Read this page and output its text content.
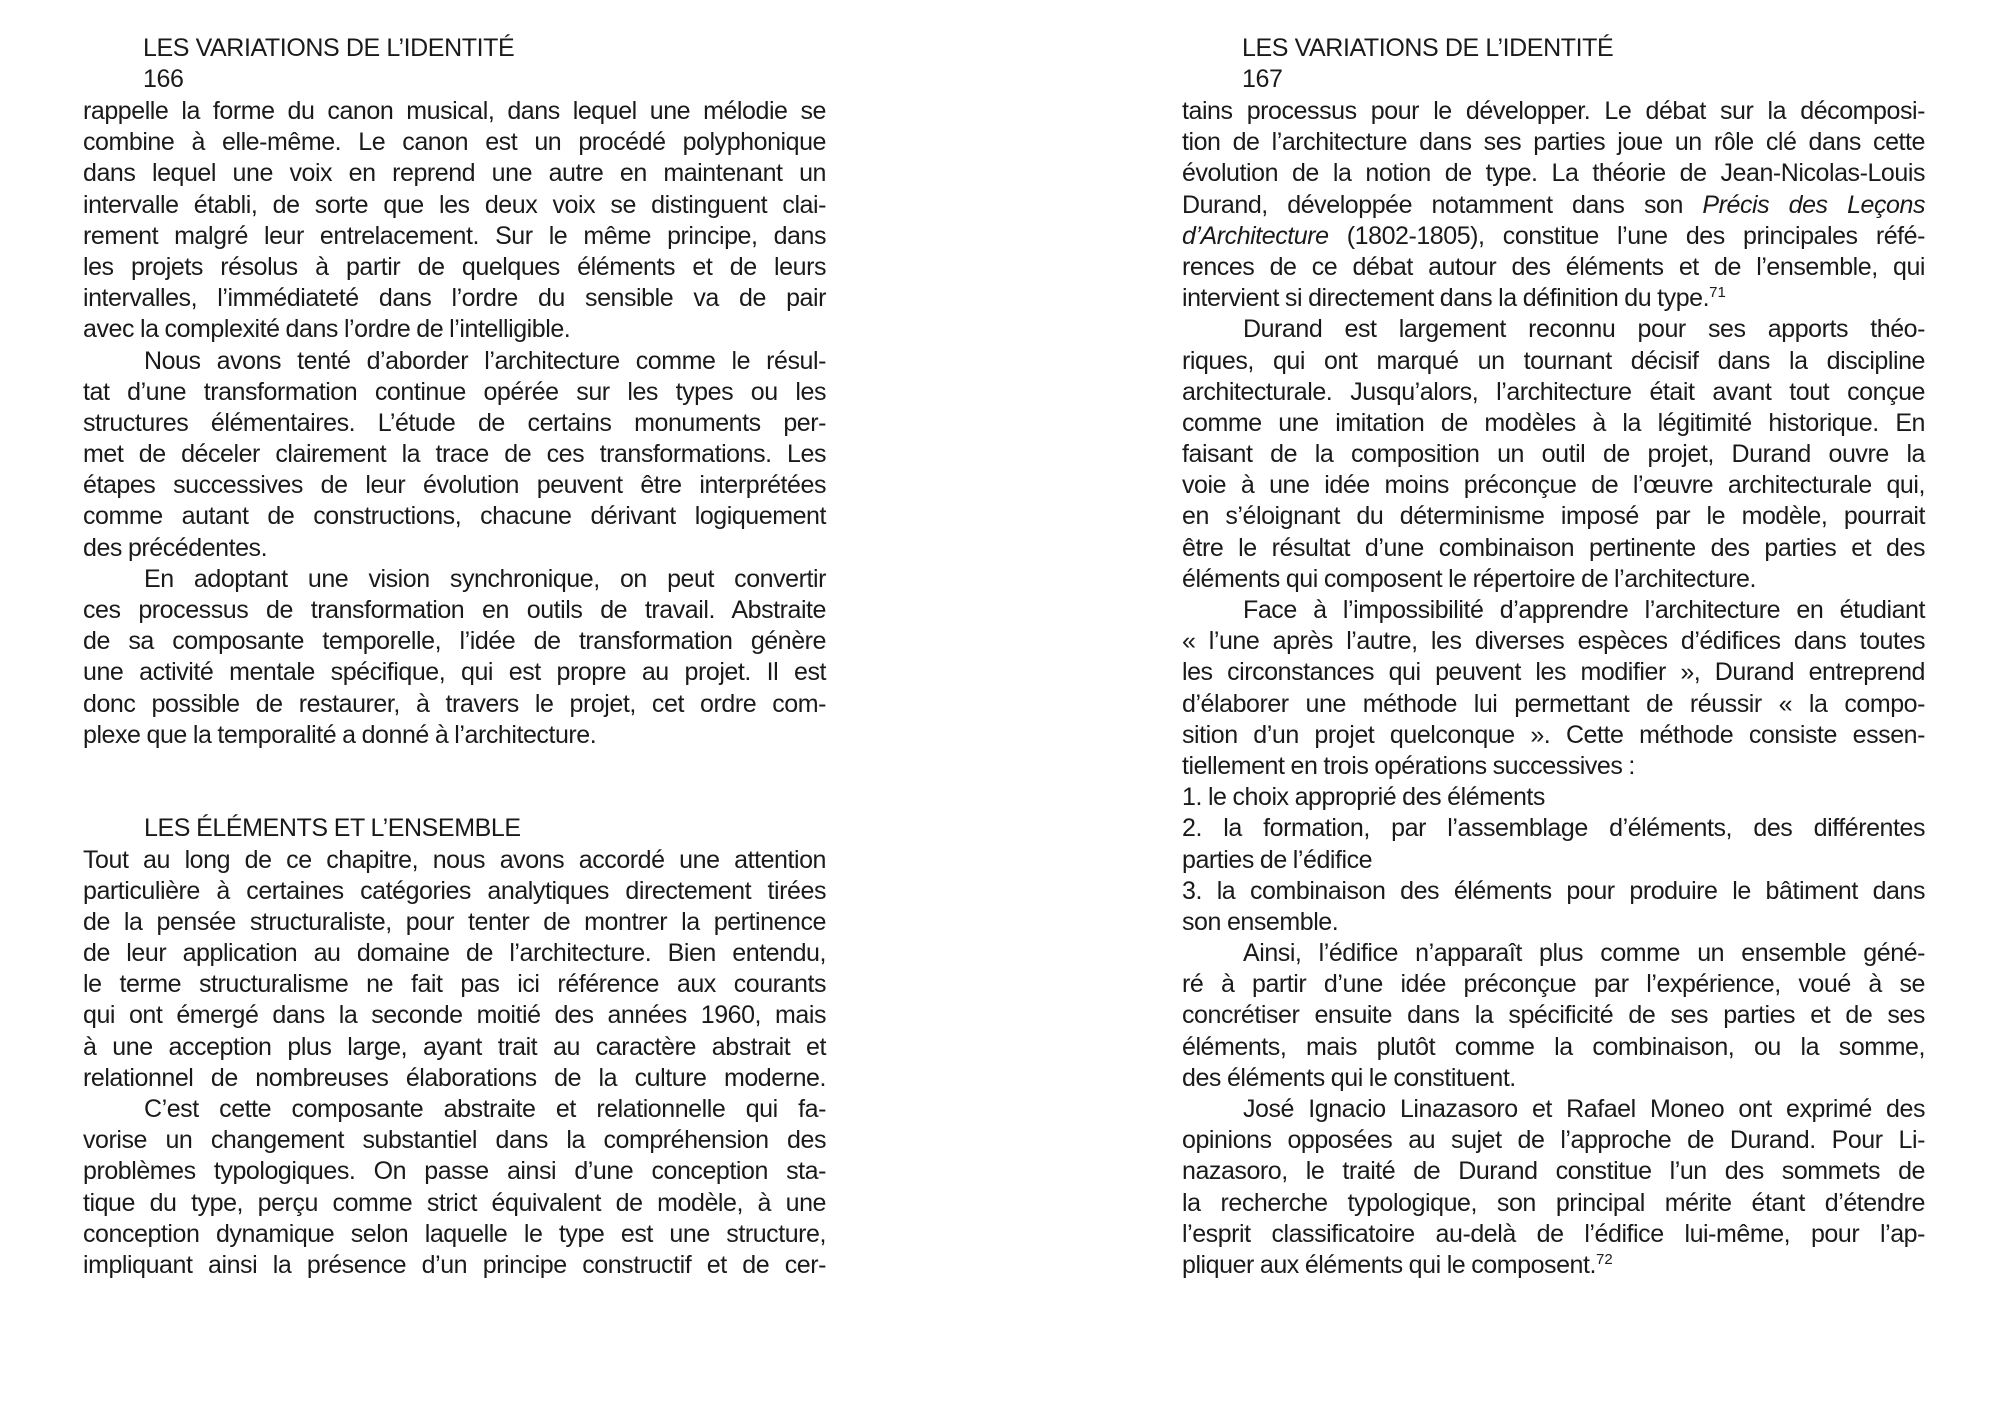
LES VARIATIONS DE L’IDENTITÉ
166
rappelle la forme du canon musical, dans lequel une mélodie se
combine à elle-même. Le canon est un procédé polyphonique
dans lequel une voix en reprend une autre en maintenant un
intervalle établi, de sorte que les deux voix se distinguent clai-
rement malgré leur entrelacement. Sur le même principe, dans
les projets résolus à partir de quelques éléments et de leurs
intervalles, l’immédiateté dans l’ordre du sensible va de pair
avec la complexité dans l’ordre de l’intelligible.
Nous avons tenté d’aborder l’architecture comme le résul-
tat d’une transformation continue opérée sur les types ou les
structures élémentaires. L’étude de certains monuments per-
met de déceler clairement la trace de ces transformations. Les
étapes successives de leur évolution peuvent être interprétées
comme autant de constructions, chacune dérivant logiquement
des précédentes.
En adoptant une vision synchronique, on peut convertir
ces processus de transformation en outils de travail. Abstraite
de sa composante temporelle, l’idée de transformation génère
une activité mentale spécifique, qui est propre au projet. Il est
donc possible de restaurer, à travers le projet, cet ordre com-
plexe que la temporalité a donné à l’architecture.
LES ÉLÉMENTS ET L’ENSEMBLE
Tout au long de ce chapitre, nous avons accordé une attention
particulière à certaines catégories analytiques directement tirées
de la pensée structuraliste, pour tenter de montrer la pertinence
de leur application au domaine de l’architecture. Bien entendu,
le terme structuralisme ne fait pas ici référence aux courants
qui ont émergé dans la seconde moitié des années 1960, mais
à une acception plus large, ayant trait au caractère abstrait et
relationnel de nombreuses élaborations de la culture moderne.
C’est cette composante abstraite et relationnelle qui fa-
vorise un changement substantiel dans la compréhension des
problèmes typologiques. On passe ainsi d’une conception sta-
tique du type, perçu comme strict équivalent de modèle, à une
conception dynamique selon laquelle le type est une structure,
impliquant ainsi la présence d’un principe constructif et de cer-
LES VARIATIONS DE L’IDENTITÉ
167
tains processus pour le développer. Le débat sur la décomposi-
tion de l’architecture dans ses parties joue un rôle clé dans cette
évolution de la notion de type. La théorie de Jean-Nicolas-Louis
Durand, développée notamment dans son Précis des Leçons
d’Architecture (1802-1805), constitue l’une des principales réfé-
rences de ce débat autour des éléments et de l’ensemble, qui
intervient si directement dans la définition du type.$^{71}$
Durand est largement reconnu pour ses apports théo-
riques, qui ont marqué un tournant décisif dans la discipline
architecturale. Jusqu’alors, l’architecture était avant tout conçue
comme une imitation de modèles à la légitimité historique. En
faisant de la composition un outil de projet, Durand ouvre la
voie à une idée moins préconçue de l’œuvre architecturale qui,
en s’éloignant du déterminisme imposé par le modèle, pourrait
être le résultat d’une combinaison pertinente des parties et des
éléments qui composent le répertoire de l’architecture.
Face à l’impossibilité d’apprendre l’architecture en étudiant
« l’une après l’autre, les diverses espèces d’édifices dans toutes
les circonstances qui peuvent les modifier », Durand entreprend
d’élaborer une méthode lui permettant de réussir « la compo-
sition d’un projet quelconque ». Cette méthode consiste essen-
tiellement en trois opérations successives :
1. le choix approprié des éléments
2. la formation, par l’assemblage d’éléments, des différentes
parties de l’édifice
3. la combinaison des éléments pour produire le bâtiment dans
son ensemble.
Ainsi, l’édifice n’apparaît plus comme un ensemble géné-
ré à partir d’une idée préconçue par l’expérience, voué à se
concrétiser ensuite dans la spécificité de ses parties et de ses
éléments, mais plutôt comme la combinaison, ou la somme,
des éléments qui le constituent.
José Ignacio Linazasoro et Rafael Moneo ont exprimé des
opinions opposées au sujet de l’approche de Durand. Pour Li-
nazasoro, le traité de Durand constitue l’un des sommets de
la recherche typologique, son principal mérite étant d’étendre
l’esprit classificatoire au-delà de l’édifice lui-même, pour l’ap-
pliquer aux éléments qui le composent.$^{72}$
